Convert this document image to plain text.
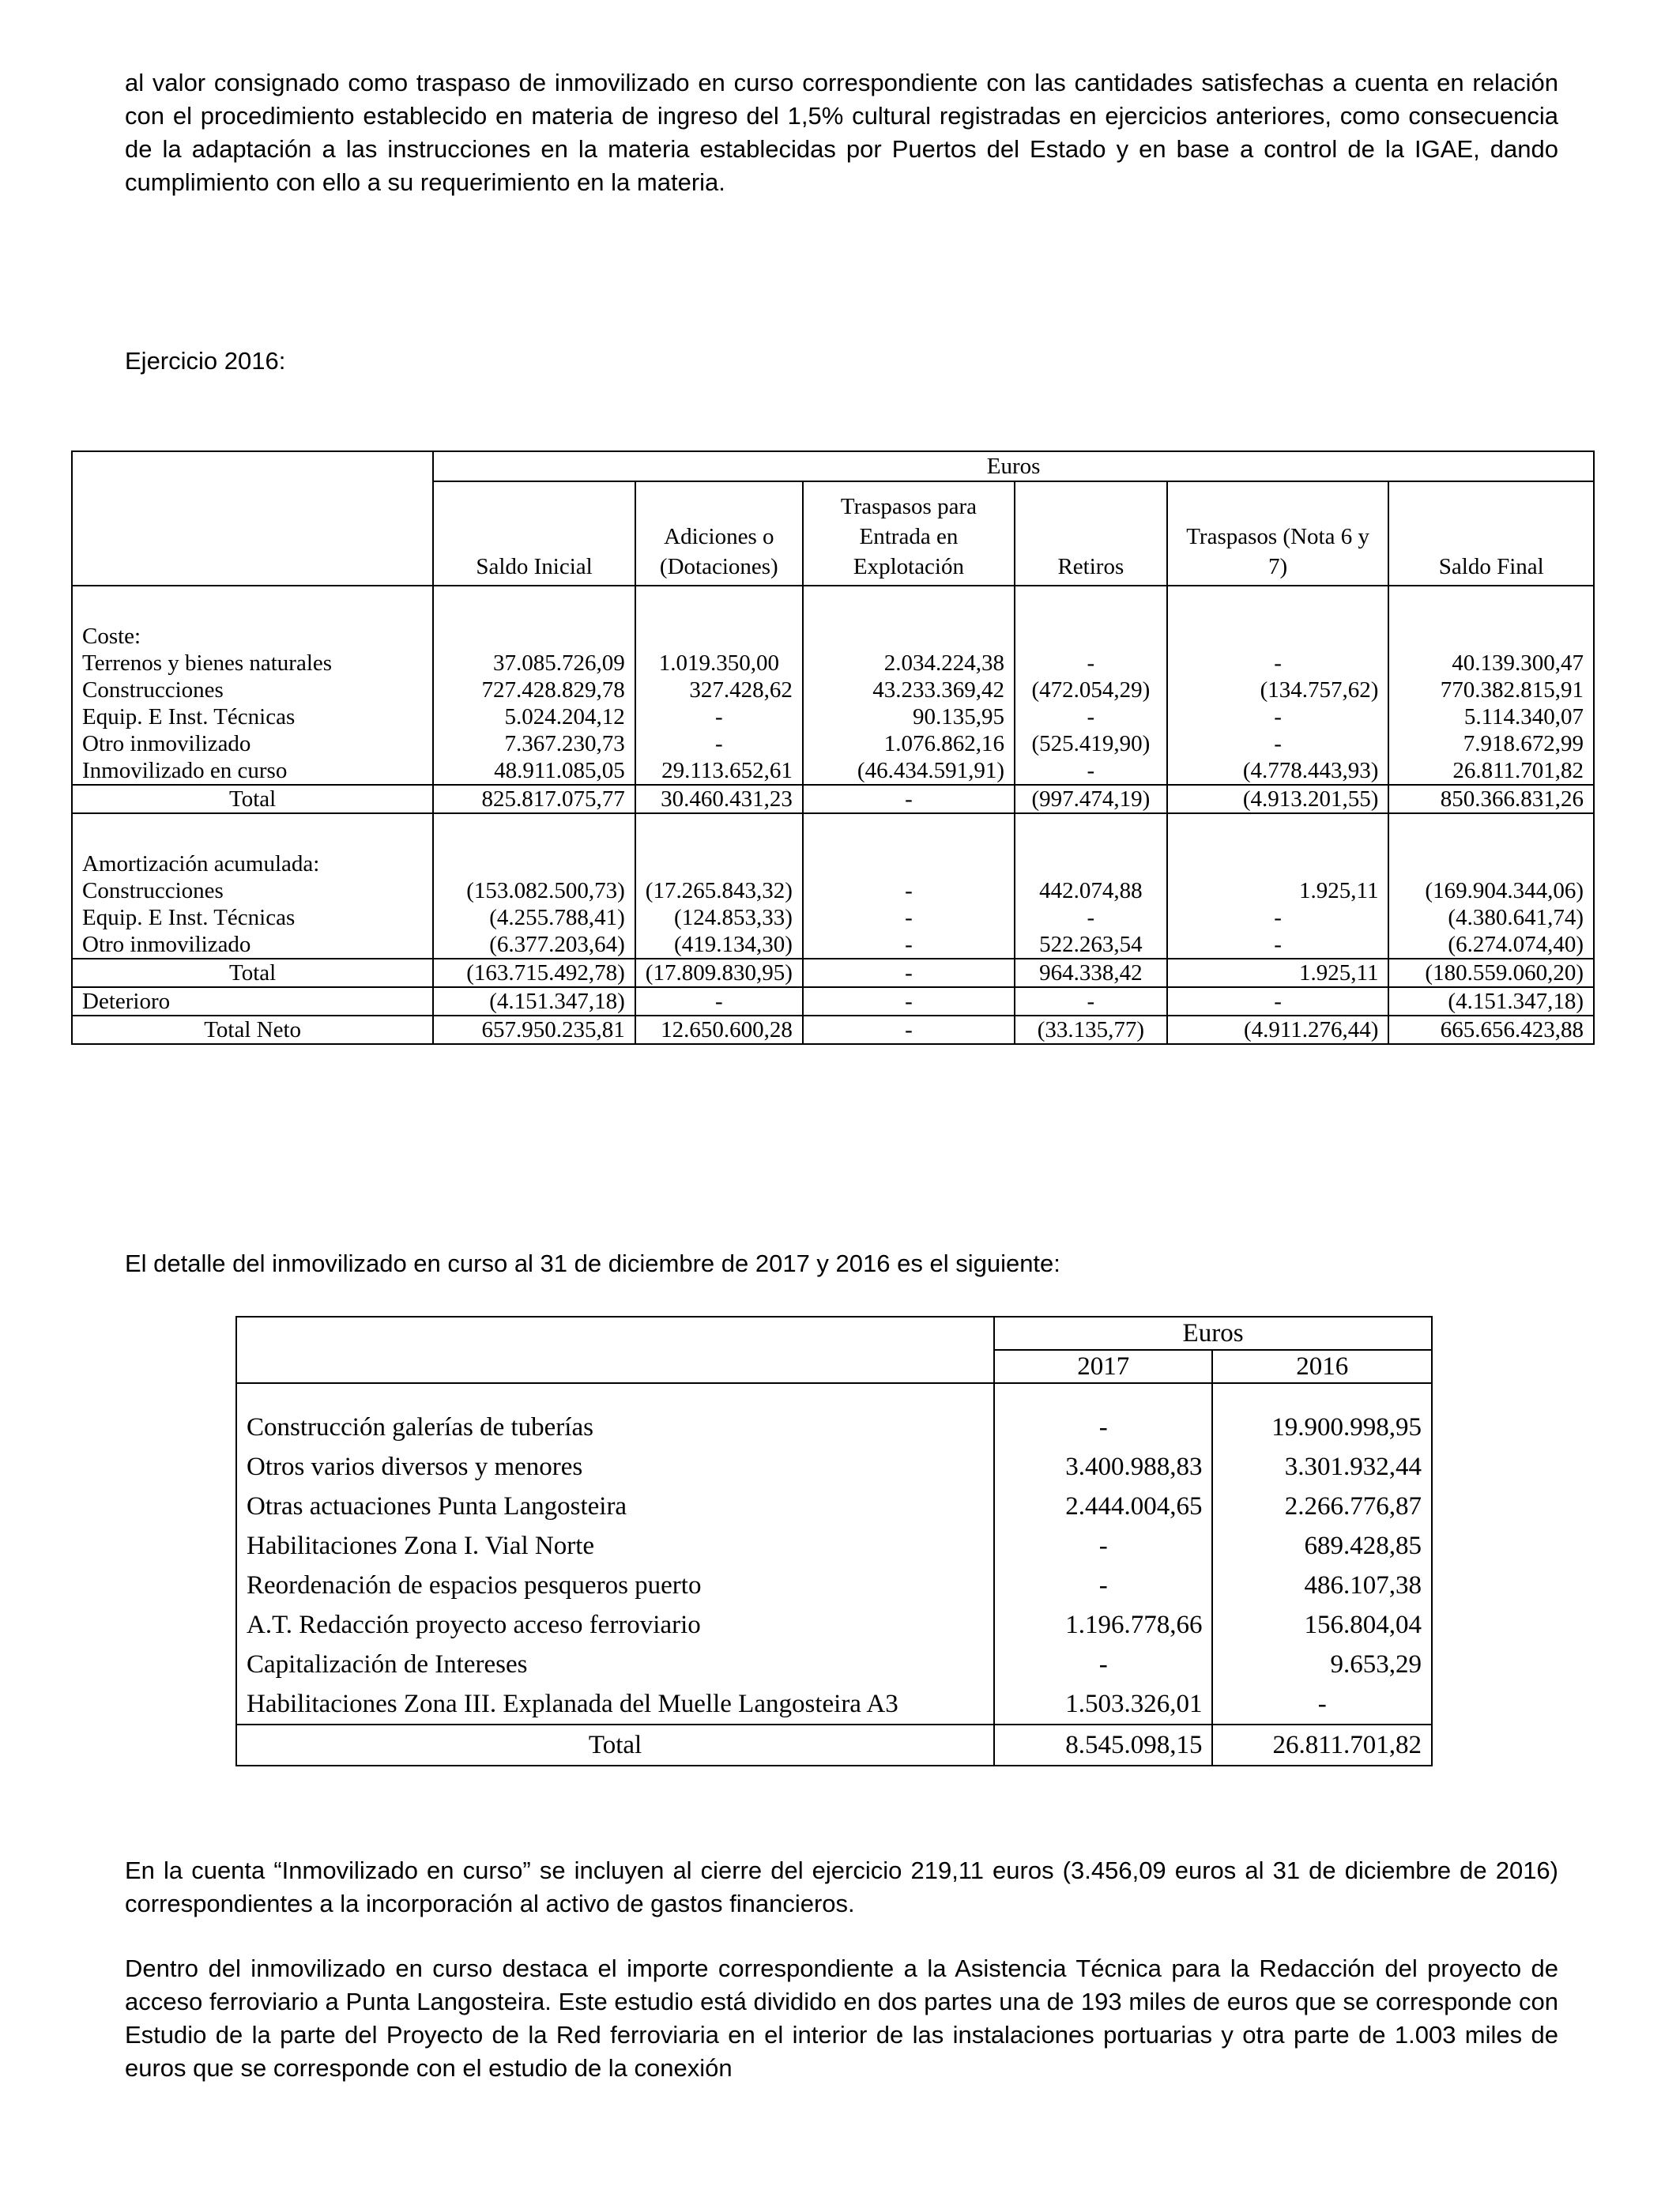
al valor consignado como traspaso de inmovilizado en curso correspondiente con las cantidades satisfechas a cuenta en relación con el procedimiento establecido en materia de ingreso del 1,5% cultural registradas en ejercicios anteriores, como consecuencia de la adaptación a las instrucciones en la materia establecidas por Puertos del Estado y en base a control de la IGAE, dando cumplimiento con ello a su requerimiento en la materia.

Ejercicio 2016:

	Euros					
	Saldo Inicial	Adiciones o (Dotaciones)	Traspasos para Entrada en Explotación	Retiros	Traspasos (Nota 6 y 7)	Saldo Final

Coste:						
Terrenos y bienes naturales	37.085.726,09	1.019.350,00	2.034.224,38	-	-	40.139.300,47
Construcciones	727.428.829,78	327.428,62	43.233.369,42	(472.054,29)	(134.757,62)	770.382.815,91
Equip. E Inst. Técnicas	5.024.204,12	-	90.135,95	-	-	5.114.340,07
Otro inmovilizado	7.367.230,73	-	1.076.862,16	(525.419,90)	-	7.918.672,99
Inmovilizado en curso	48.911.085,05	29.113.652,61	(46.434.591,91)	-	(4.778.443,93)	26.811.701,82
Total	825.817.075,77	30.460.431,23	-	(997.474,19)	(4.913.201,55)	850.366.831,26

Amortización acumulada:						
Construcciones	(153.082.500,73)	(17.265.843,32)	-	442.074,88	1.925,11	(169.904.344,06)
Equip. E Inst. Técnicas	(4.255.788,41)	(124.853,33)	-	-	-	(4.380.641,74)
Otro inmovilizado	(6.377.203,64)	(419.134,30)	-	522.263,54	-	(6.274.074,40)
Total	(163.715.492,78)	(17.809.830,95)	-	964.338,42	1.925,11	(180.559.060,20)
Deterioro	(4.151.347,18)	-	-	-	-	(4.151.347,18)
Total Neto	657.950.235,81	12.650.600,28	-	(33.135,77)	(4.911.276,44)	665.656.423,88

El detalle del inmovilizado en curso al 31 de diciembre de 2017 y 2016 es el siguiente:

	Euros	
	2017	2016

Construcción galerías de tuberías	-	19.900.998,95
Otros varios diversos y menores	3.400.988,83	3.301.932,44
Otras actuaciones Punta Langosteira	2.444.004,65	2.266.776,87
Habilitaciones Zona I. Vial Norte	-	689.428,85
Reordenación de espacios pesqueros puerto	-	486.107,38
A.T. Redacción proyecto acceso ferroviario	1.196.778,66	156.804,04
Capitalización de Intereses	-	9.653,29
Habilitaciones Zona III. Explanada del Muelle Langosteira A3	1.503.326,01	-
Total	8.545.098,15	26.811.701,82

En la cuenta “Inmovilizado en curso” se incluyen al cierre del ejercicio 219,11 euros (3.456,09 euros al 31 de diciembre de 2016) correspondientes a la incorporación al activo de gastos financieros.

Dentro del inmovilizado en curso destaca el importe correspondiente a la Asistencia Técnica para la Redacción del proyecto de acceso ferroviario a Punta Langosteira. Este estudio está dividido en dos partes una de 193 miles de euros que se corresponde con Estudio de la parte del Proyecto de la Red ferroviaria en el interior de las instalaciones portuarias y otra parte de 1.003 miles de euros que se corresponde con el estudio de la conexión
